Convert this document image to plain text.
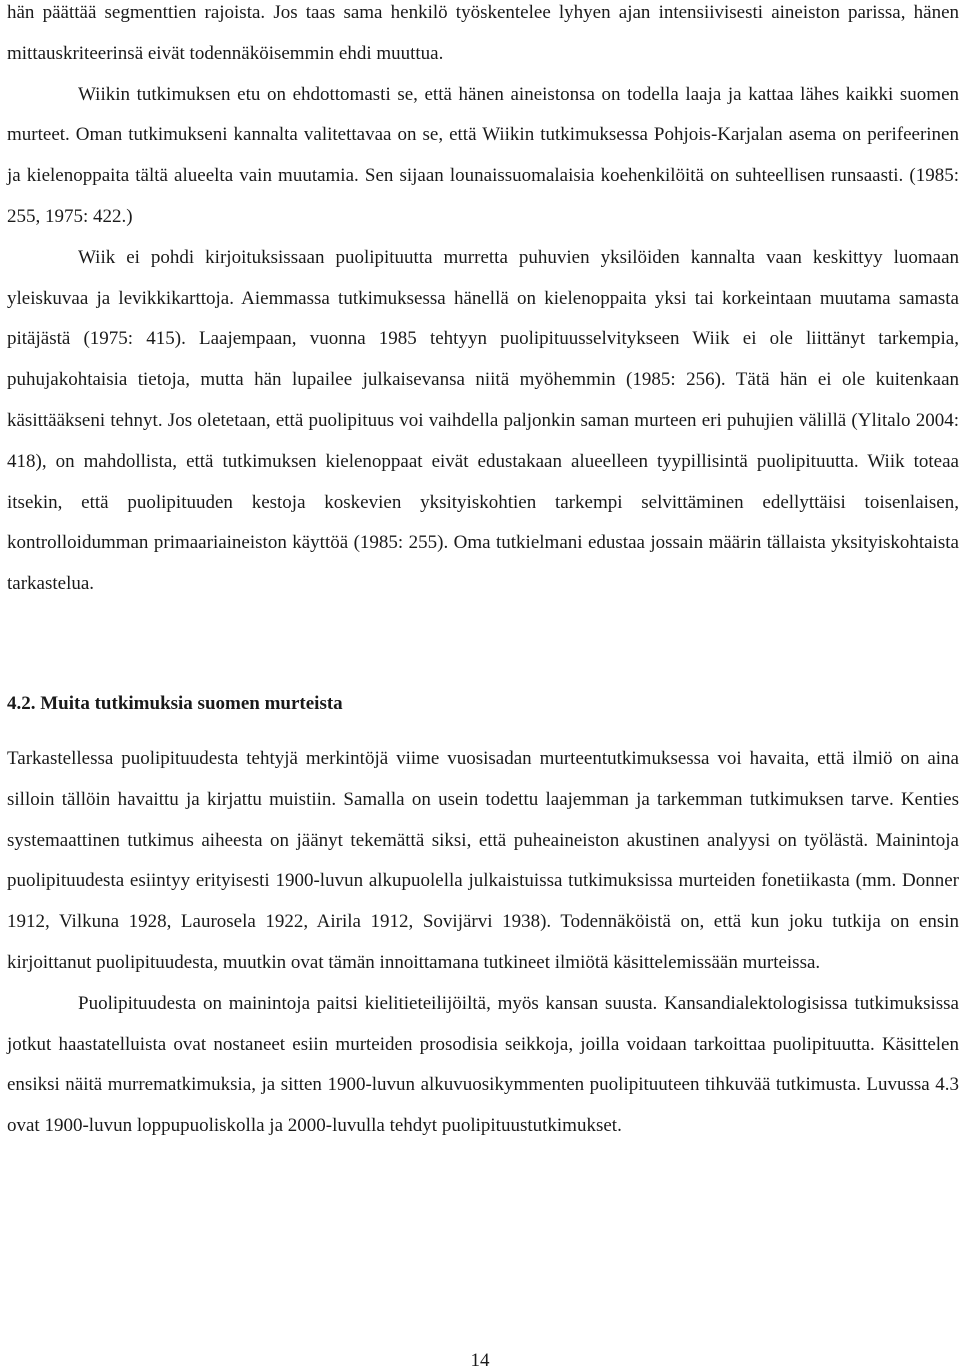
hän päättää segmenttien rajoista. Jos taas sama henkilö työskentelee lyhyen ajan intensiivisesti aineiston parissa, hänen mittauskriteerinsä eivät todennäköisemmin ehdi muuttua.

Wiikin tutkimuksen etu on ehdottomasti se, että hänen aineistonsa on todella laaja ja kattaa lähes kaikki suomen murteet. Oman tutkimukseni kannalta valitettavaa on se, että Wiikin tutkimuksessa Pohjois-Karjalan asema on perifeerinen ja kielenoppaita tältä alueelta vain muutamia. Sen sijaan lounaissuomalaisia koehenkilöitä on suhteellisen runsaasti. (1985: 255, 1975: 422.)

Wiik ei pohdi kirjoituksissaan puolipituutta murretta puhuvien yksilöiden kannalta vaan keskittyy luomaan yleiskuvaa ja levikkikarttoja. Aiemmassa tutkimuksessa hänellä on kielenoppaita yksi tai korkeintaan muutama samasta pitäjästä (1975: 415). Laajempaan, vuonna 1985 tehtyyn puolipituusselvitykseen Wiik ei ole liittänyt tarkempia, puhujakohtaisia tietoja, mutta hän lupailee julkaisevansa niitä myöhemmin (1985: 256). Tätä hän ei ole kuitenkaan käsittääkseni tehnyt. Jos oletetaan, että puolipituus voi vaihdella paljonkin saman murteen eri puhujien välillä (Ylitalo 2004: 418), on mahdollista, että tutkimuksen kielenoppaat eivät edustakaan alueelleen tyypillisintä puolipituutta. Wiik toteaa itsekin, että puolipituuden kestoja koskevien yksityiskohtien tarkempi selvittäminen edellyttäisi toisenlaisen, kontrolloidumman primaariaineiston käyttöä (1985: 255). Oma tutkielmani edustaa jossain määrin tällaista yksityiskohtaista tarkastelua.

4.2. Muita tutkimuksia suomen murteista

Tarkastellessa puolipituudesta tehtyjä merkintöjä viime vuosisadan murteentutkimuksessa voi havaita, että ilmiö on aina silloin tällöin havaittu ja kirjattu muistiin. Samalla on usein todettu laajemman ja tarkemman tutkimuksen tarve. Kenties systemaattinen tutkimus aiheesta on jäänyt tekemättä siksi, että puheaineiston akustinen analyysi on työlästä. Mainintoja puolipituudesta esiintyy erityisesti 1900-luvun alkupuolella julkaistuissa tutkimuksissa murteiden fonetiikasta (mm. Donner 1912, Vilkuna 1928, Laurosela 1922, Airila 1912, Sovijärvi 1938). Todennäköistä on, että kun joku tutkija on ensin kirjoittanut puolipituudesta, muutkin ovat tämän innoittamana tutkineet ilmiötä käsittelemissään murteissa.

Puolipituudesta on mainintoja paitsi kielitieteilijöiltä, myös kansan suusta. Kansandialektologisissa tutkimuksissa jotkut haastatelluista ovat nostaneet esiin murteiden prosodisia seikkoja, joilla voidaan tarkoittaa puolipituutta. Käsittelen ensiksi näitä murrematkimuksia, ja sitten 1900-luvun alkuvuosikymmenten puolipituuteen tihkuvää tutkimusta. Luvussa 4.3 ovat 1900-luvun loppupuoliskolla ja 2000-luvulla tehdyt puolipituustutkimukset.

14
